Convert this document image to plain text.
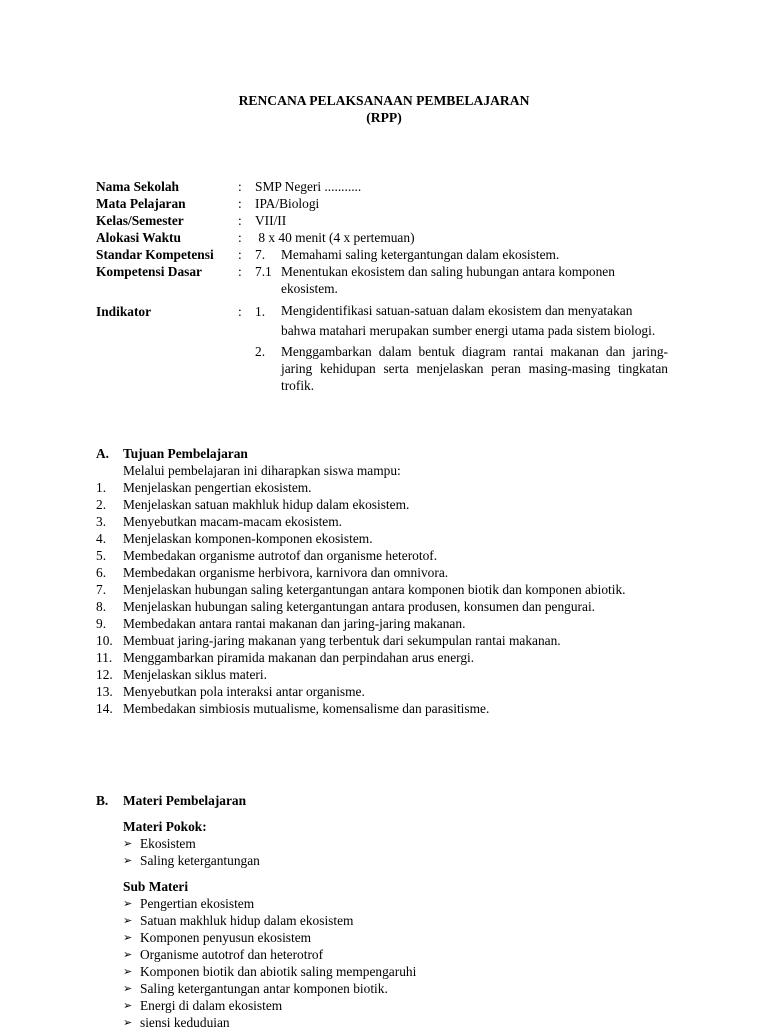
RENCANA PELAKSANAAN PEMBELAJARAN
(RPP)
Nama Sekolah	: SMP Negeri ...........
Mata Pelajaran	: IPA/Biologi
Kelas/Semester	: VII/II
Alokasi Waktu	: 8 x 40 menit (4 x pertemuan)
Standar Kompetensi	: 7.	Memahami saling ketergantungan dalam ekosistem.
Kompetensi Dasar	: 7.1 Menentukan ekosistem dan saling hubungan antara komponen ekosistem.
Indikator	: 1.	Mengidentifikasi satuan-satuan dalam ekosistem dan menyatakan bahwa matahari merupakan sumber energi utama pada sistem biologi.
2.	Menggambarkan dalam bentuk diagram rantai makanan dan jaring-jaring kehidupan serta menjelaskan peran masing-masing tingkatan trofik.
A.	Tujuan Pembelajaran
Melalui pembelajaran ini diharapkan siswa mampu:
1.	Menjelaskan pengertian ekosistem.
2.	Menjelaskan satuan makhluk hidup dalam ekosistem.
3.	Menyebutkan macam-macam ekosistem.
4.	Menjelaskan komponen-komponen ekosistem.
5.	Membedakan organisme autrotof dan organisme heterotof.
6.	Membedakan organisme herbivora, karnivora dan omnivora.
7.	Menjelaskan hubungan saling ketergantungan antara komponen biotik dan komponen abiotik.
8.	Menjelaskan hubungan saling ketergantungan antara produsen, konsumen dan pengurai.
9.	Membedakan antara rantai makanan dan jaring-jaring makanan.
10. Membuat jaring-jaring makanan yang terbentuk dari sekumpulan rantai makanan.
11. Menggambarkan piramida makanan dan perpindahan arus energi.
12. Menjelaskan siklus materi.
13. Menyebutkan pola interaksi antar organisme.
14. Membedakan simbiosis mutualisme, komensalisme dan parasitisme.
B.	Materi Pembelajaran
Materi Pokok:
➢ Ekosistem
➢ Saling ketergantungan
Sub Materi
➢ Pengertian ekosistem
➢ Satuan makhluk hidup dalam ekosistem
➢ Komponen penyusun ekosistem
➢ Organisme autotrof dan heterotrof
➢ Komponen biotik dan abiotik saling mempengaruhi
➢ Saling ketergantungan antar komponen biotik.
➢ Energi di dalam ekosistem
➢ siensi keduduian
